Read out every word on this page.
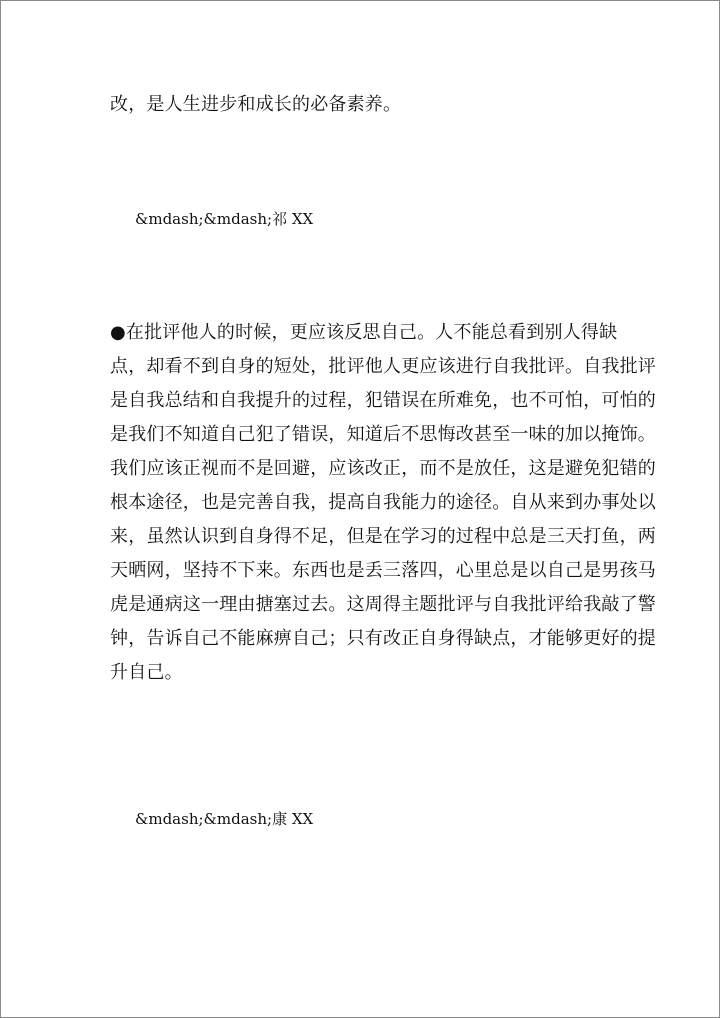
改，是人生进步和成长的必备素养。

&mdash;&mdash;祁 XX

●在批评他人的时候，更应该反思自己。人不能总看到别人得缺
点，却看不到自身的短处，批评他人更应该进行自我批评。自我批评
是自我总结和自我提升的过程，犯错误在所难免，也不可怕，可怕的
是我们不知道自己犯了错误，知道后不思悔改甚至一味的加以掩饰。
我们应该正视而不是回避，应该改正，而不是放任，这是避免犯错的
根本途径，也是完善自我，提高自我能力的途径。自从来到办事处以
来，虽然认识到自身得不足，但是在学习的过程中总是三天打鱼，两
天晒网，坚持不下来。东西也是丢三落四，心里总是以自己是男孩马
虎是通病这一理由搪塞过去。这周得主题批评与自我批评给我敲了警
钟，告诉自己不能麻痹自己；只有改正自身得缺点，才能够更好的提
升自己。

&mdash;&mdash;康 XX
